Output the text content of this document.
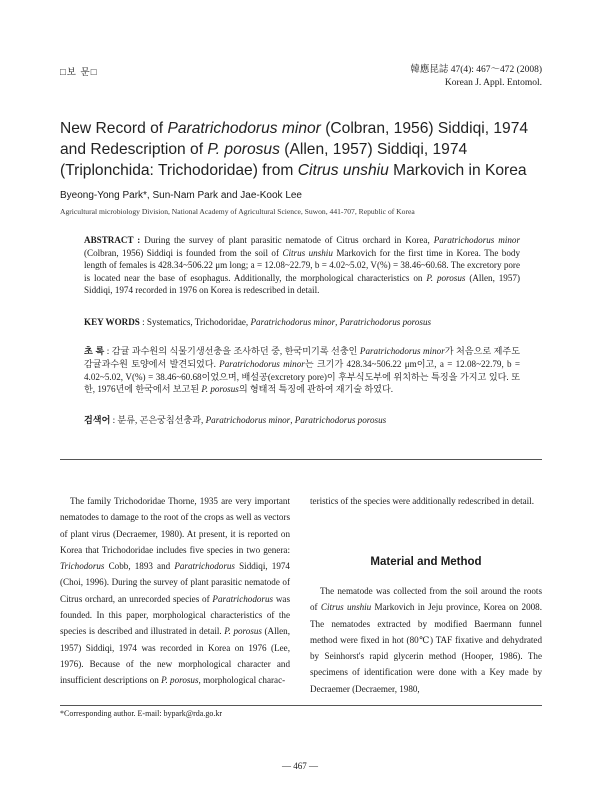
□보 문□	韓應昆誌 47(4): 467～472 (2008)
Korean J. Appl. Entomol.
New Record of Paratrichodorus minor (Colbran, 1956) Siddiqi, 1974 and Redescription of P. porosus (Allen, 1957) Siddiqi, 1974 (Triplonchida: Trichodoridae) from Citrus unshiu Markovich in Korea
Byeong-Yong Park*, Sun-Nam Park and Jae-Kook Lee
Agricultural microbiology Division, National Academy of Agricultural Science, Suwon, 441-707, Republic of Korea
ABSTRACT : During the survey of plant parasitic nematode of Citrus orchard in Korea, Paratrichodorus minor (Colbran, 1956) Siddiqi is founded from the soil of Citrus unshiu Markovich for the first time in Korea. The body length of females is 428.34~506.22 μm long; a = 12.08~22.79, b = 4.02~5.02, V(%) = 38.46~60.68. The excretory pore is located near the base of esophagus. Additionally, the morphological characteristics on P. porosus (Allen, 1957) Siddiqi, 1974 recorded in 1976 on Korea is redescribed in detail.
KEY WORDS : Systematics, Trichodoridae, Paratrichodorus minor, Paratrichodorus porosus
초 록 : 감귤 과수원의 식물기생선충을 조사하던 중, 한국미기록 선충인 Paratrichodorus minor가 처음으로 제주도 감귤과수원 토양에서 발견되었다. Paratrichodorus minor는 크기가 428.34~506.22 μm이고, a = 12.08~22.79, b = 4.02~5.02, V(%) = 38.46~60.68이었으며, 배설공(excretory pore)이 후부식도부에 위치하는 특징을 가지고 있다. 또한, 1976년에 한국에서 보고된 P. porosus의 형태적 특징에 관하여 재기술 하였다.
검색어 : 분류, 곤은궁침선충과, Paratrichodorus minor, Paratrichodorus porosus
The family Trichodoridae Thorne, 1935 are very important nematodes to damage to the root of the crops as well as vectors of plant virus (Decraemer, 1980). At present, it is reported on Korea that Trichodoridae includes five species in two genera: Trichodorus Cobb, 1893 and Paratrichodorus Siddiqi, 1974 (Choi, 1996). During the survey of plant parasitic nematode of Citrus orchard, an unrecorded species of Paratrichodorus was founded. In this paper, morphological characteristics of the species is described and illustrated in detail. P. porosus (Allen, 1957) Siddiqi, 1974 was recorded in Korea on 1976 (Lee, 1976). Because of the new morphological character and insufficient descriptions on P. porosus, morphological charac-
teristics of the species were additionally redescribed in detail.
Material and Method
The nematode was collected from the soil around the roots of Citrus unshiu Markovich in Jeju province, Korea on 2008. The nematodes extracted by modified Baermann funnel method were fixed in hot (80℃) TAF fixative and dehydrated by Seinhorst's rapid glycerin method (Hooper, 1986). The specimens of identification were done with a Key made by Decraemer (Decraemer, 1980,
*Corresponding author. E-mail: bypark@rda.go.kr
— 467 —
